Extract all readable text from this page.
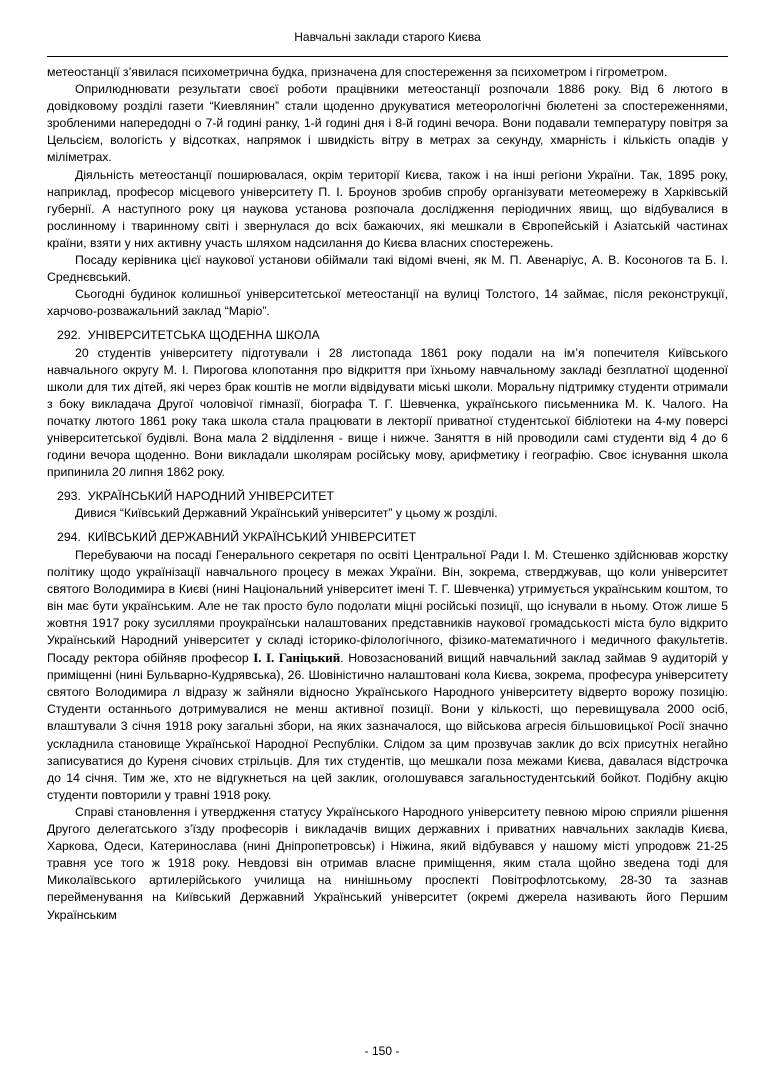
Навчальні заклади старого Києва

метеостанції з’явилася психометрична будка, призначена для спостереження за психометром і гігрометром.

Оприлюднювати результати своєї роботи працівники метеостанції розпочали 1886 року. Від 6 лютого в довідковому розділі газети “Киевлянин” стали щоденно друкуватися метеорологічні бюлетені за спостереженнями, зробленими напередодні о 7-й годині ранку, 1-й годині дня і 8-й годині вечора. Вони подавали температуру повітря за Цельсієм, вологість у відсотках, напрямок і швидкість вітру в метрах за секунду, хмарність і кількість опадів у міліметрах.

Діяльність метеостанції поширювалася, окрім території Києва, також і на інші регіони України. Так, 1895 року, наприклад, професор місцевого університету П. І. Броунов зробив спробу організувати метеомережу в Харківській губернії. А наступного року ця наукова установа розпочала дослідження періодичних явищ, що відбувалися в рослинному і тваринному світі і звернулася до всіх бажаючих, які мешкали в Європейській і Азіатській частинах країни, взяти у них активну участь шляхом надсилання до Києва власних спостережень.

Посаду керівника цієї наукової установи обіймали такі відомі вчені, як М. П. Авенаріус, А. В. Косоногов та Б. І. Среднєвський.

Сьогодні будинок колишньої університетської метеостанції на вулиці Толстого, 14 займає, після реконструкції, харчово-розважальний заклад “Маріо”.

292. УНІВЕРСИТЕТСЬКА ЩОДЕННА ШКОЛА

20 студентів університету підготували і 28 листопада 1861 року подали на ім’я попечителя Київського навчального округу М. І. Пирогова клопотання про відкриття при їхньому навчальному закладі безплатної щоденної школи для тих дітей, які через брак коштів не могли відвідувати міські школи. Моральну підтримку студенти отримали з боку викладача Другої чоловічої гімназії, біографа Т. Г. Шевченка, українського письменника М. К. Чалого. На початку лютого 1861 року така школа стала працювати в лекторії приватної студентської бібліотеки на 4-му поверсі університетської будівлі. Вона мала 2 відділення - вище і нижче. Заняття в ній проводили самі студенти від 4 до 6 години вечора щоденно. Вони викладали школярам російську мову, арифметику і географію. Своє існування школа припинила 20 липня 1862 року.

293. УКРАЇНСЬКИЙ НАРОДНИЙ УНІВЕРСИТЕТ

Дивися “Київський Державний Український університет” у цьому ж розділі.

294. КИЇВСЬКИЙ ДЕРЖАВНИЙ УКРАЇНСЬКИЙ УНІВЕРСИТЕТ

Перебуваючи на посаді Генерального секретаря по освіті Центральної Ради І. М. Стешенко здійснював жорстку політику щодо українізації навчального процесу в межах України. Він, зокрема, стверджував, що коли університет святого Володимира в Києві (нині Національний університет імені Т. Г. Шевченка) утримується українським коштом, то він має бути українським. Але не так просто було подолати міцні російські позиції, що існували в ньому. Отож лише 5 жовтня 1917 року зусиллями проукраїнськи налаштованих представників наукової громадськості міста було відкрито Український Народний університет у складі історико-філологічного, фізико-математичного і медичного факультетів. Посаду ректора обійняв професор І. І. Ганіцький. Новозаснований вищий навчальний заклад займав 9 аудиторій у приміщенні (нині Бульварно-Кудрявська), 26. Шовіністично налаштовані кола Києва, зокрема, професура університету святого Володимира л відразу ж зайняли відносно Українського Народного університету відверто ворожу позицію. Студенти останнього дотримувалися не менш активної позиції. Вони у кількості, що перевищувала 2000 осіб, влаштували 3 січня 1918 року загальні збори, на яких зазначалося, що військова агресія більшовицької Росії значно ускладнила становище Української Народної Республіки. Слідом за цим прозвучав заклик до всіх присутніх негайно записуватися до Куреня січових стрільців. Для тих студентів, що мешкали поза межами Києва, давалася відстрочка до 14 січня. Тим же, хто не відгукнеться на цей заклик, оголошувався загальностудентський бойкот. Подібну акцію студенти повторили у травні 1918 року.

Справі становлення і утвердження статусу Українського Народного університету певною мірою сприяли рішення Другого делегатського з’їзду професорів і викладачів вищих державних і приватних навчальних закладів Києва, Харкова, Одеси, Катеринослава (нині Дніпропетровськ) і Ніжина, який відбувався у нашому місті упродовж 21-25 травня усе того ж 1918 року. Невдовзі він отримав власне приміщення, яким стала щойно зведена тоді для Миколаївського артилерійського училища на нинішньому проспекті Повітрофлотському, 28-30 та зазнав перейменування на Київський Державний Український університет (окремі джерела називають його Першим Українським

- 150 -
